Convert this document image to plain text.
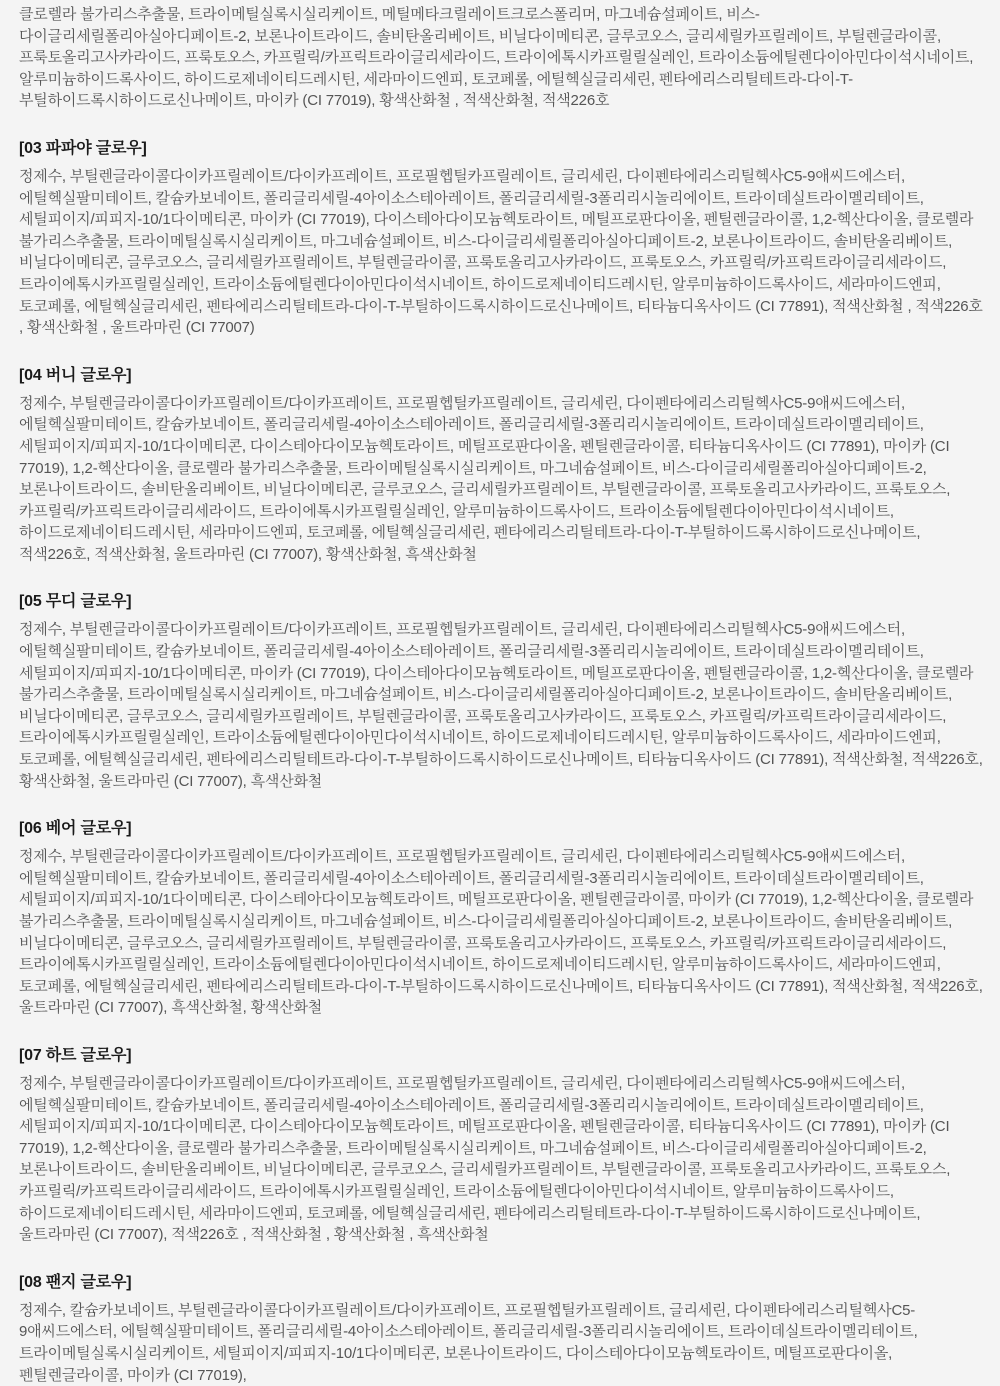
클로렐라 불가리스추출물, 트라이메틸실록시실리케이트, 메틸메타크릴레이트크로스폴리머, 마그네슘설페이트, 비스-다이글리세릴폴리아실아디페이트-2, 보론나이트라이드, 솔비탄올리베이트, 비닐다이메티콘, 글루코오스, 글리세릴카프릴레이트, 부틸렌글라이콜, 프룩토올리고사카라이드, 프룩토오스, 카프릴릭/카프릭트라이글리세라이드, 트라이에톡시카프릴릴실레인, 트라이소듐에틸렌다이아민다이석시네이트, 알루미늄하이드록사이드, 하이드로제네이티드레시틴, 세라마이드엔피, 토코페롤, 에틸헥실글리세린, 펜타에리스리틸테트라-다이-T-부틸하이드록시하이드로신나메이트, 마이카 (CI 77019), 황색산화철 , 적색산화철, 적색226호

[03 파파야 글로우]

정제수, 부틸렌글라이콜다이카프릴레이트/다이카프레이트, 프로필헵틸카프릴레이트, 글리세린, 다이펜타에리스리틸헥사C5-9애씨드에스터, 에틸헥실팔미테이트, 칼슘카보네이트, 폴리글리세릴-4아이소스테아레이트, 폴리글리세릴-3폴리리시놀리에이트, 트라이데실트라이멜리테이트, 세틸피이지/피피지-10/1다이메티콘, 마이카 (CI 77019), 다이스테아다이모늄헥토라이트, 메틸프로판다이올, 펜틸렌글라이콜, 1,2-헥산다이올, 클로렐라 불가리스추출물, 트라이메틸실록시실리케이트, 마그네슘설페이트, 비스-다이글리세릴폴리아실아디페이트-2, 보론나이트라이드, 솔비탄올리베이트, 비닐다이메티콘, 글루코오스, 글리세릴카프릴레이트, 부틸렌글라이콜, 프룩토올리고사카라이드, 프룩토오스, 카프릴릭/카프릭트라이글리세라이드, 트라이에톡시카프릴릴실레인, 트라이소듐에틸렌다이아민다이석시네이트, 하이드로제네이티드레시틴, 알루미늄하이드록사이드, 세라마이드엔피, 토코페롤, 에틸헥실글리세린, 펜타에리스리틸테트라-다이-T-부틸하이드록시하이드로신나메이트, 티타늄디옥사이드 (CI 77891), 적색산화철 , 적색226호 , 황색산화철 , 울트라마린 (CI 77007)

[04 버니 글로우]

정제수, 부틸렌글라이콜다이카프릴레이트/다이카프레이트, 프로필헵틸카프릴레이트, 글리세린, 다이펜타에리스리틸헥사C5-9애씨드에스터, 에틸헥실팔미테이트, 칼슘카보네이트, 폴리글리세릴-4아이소스테아레이트, 폴리글리세릴-3폴리리시놀리에이트, 트라이데실트라이멜리테이트, 세틸피이지/피피지-10/1다이메티콘, 다이스테아다이모늄헥토라이트, 메틸프로판다이올, 펜틸렌글라이콜, 티타늄디옥사이드 (CI 77891), 마이카 (CI 77019), 1,2-헥산다이올, 클로렐라 불가리스추출물, 트라이메틸실록시실리케이트, 마그네슘설페이트, 비스-다이글리세릴폴리아실아디페이트-2, 보론나이트라이드, 솔비탄올리베이트, 비닐다이메티콘, 글루코오스, 글리세릴카프릴레이트, 부틸렌글라이콜, 프룩토올리고사카라이드, 프룩토오스, 카프릴릭/카프릭트라이글리세라이드, 트라이에톡시카프릴릴실레인, 알루미늄하이드록사이드, 트라이소듐에틸렌다이아민다이석시네이트, 하이드로제네이티드레시틴, 세라마이드엔피, 토코페롤, 에틸헥실글리세린, 펜타에리스리틸테트라-다이-T-부틸하이드록시하이드로신나메이트, 적색226호, 적색산화철, 울트라마린 (CI 77007), 황색산화철, 흑색산화철

[05 무디 글로우]

정제수, 부틸렌글라이콜다이카프릴레이트/다이카프레이트, 프로필헵틸카프릴레이트, 글리세린, 다이펜타에리스리틸헥사C5-9애씨드에스터, 에틸헥실팔미테이트, 칼슘카보네이트, 폴리글리세릴-4아이소스테아레이트, 폴리글리세릴-3폴리리시놀리에이트, 트라이데실트라이멜리테이트, 세틸피이지/피피지-10/1다이메티콘, 마이카 (CI 77019), 다이스테아다이모늄헥토라이트, 메틸프로판다이올, 펜틸렌글라이콜, 1,2-헥산다이올, 클로렐라 불가리스추출물, 트라이메틸실록시실리케이트, 마그네슘설페이트, 비스-다이글리세릴폴리아실아디페이트-2, 보론나이트라이드, 솔비탄올리베이트, 비닐다이메티콘, 글루코오스, 글리세릴카프릴레이트, 부틸렌글라이콜, 프룩토올리고사카라이드, 프룩토오스, 카프릴릭/카프릭트라이글리세라이드, 트라이에톡시카프릴릴실레인, 트라이소듐에틸렌다이아민다이석시네이트, 하이드로제네이티드레시틴, 알루미늄하이드록사이드, 세라마이드엔피, 토코페롤, 에틸헥실글리세린, 펜타에리스리틸테트라-다이-T-부틸하이드록시하이드로신나메이트, 티타늄디옥사이드 (CI 77891), 적색산화철, 적색226호, 황색산화철, 울트라마린 (CI 77007), 흑색산화철

[06 베어 글로우]

정제수, 부틸렌글라이콜다이카프릴레이트/다이카프레이트, 프로필헵틸카프릴레이트, 글리세린, 다이펜타에리스리틸헥사C5-9애씨드에스터, 에틸헥실팔미테이트, 칼슘카보네이트, 폴리글리세릴-4아이소스테아레이트, 폴리글리세릴-3폴리리시놀리에이트, 트라이데실트라이멜리테이트, 세틸피이지/피피지-10/1다이메티콘, 다이스테아다이모늄헥토라이트, 메틸프로판다이올, 펜틸렌글라이콜, 마이카 (CI 77019), 1,2-헥산다이올, 클로렐라 불가리스추출물, 트라이메틸실록시실리케이트, 마그네슘설페이트, 비스-다이글리세릴폴리아실아디페이트-2, 보론나이트라이드, 솔비탄올리베이트, 비닐다이메티콘, 글루코오스, 글리세릴카프릴레이트, 부틸렌글라이콜, 프룩토올리고사카라이드, 프룩토오스, 카프릴릭/카프릭트라이글리세라이드, 트라이에톡시카프릴릴실레인, 트라이소듐에틸렌다이아민다이석시네이트, 하이드로제네이티드레시틴, 알루미늄하이드록사이드, 세라마이드엔피, 토코페롤, 에틸헥실글리세린, 펜타에리스리틸테트라-다이-T-부틸하이드록시하이드로신나메이트, 티타늄디옥사이드 (CI 77891), 적색산화철, 적색226호, 울트라마린 (CI 77007), 흑색산화철, 황색산화철

[07 하트 글로우]

정제수, 부틸렌글라이콜다이카프릴레이트/다이카프레이트, 프로필헵틸카프릴레이트, 글리세린, 다이펜타에리스리틸헥사C5-9애씨드에스터, 에틸헥실팔미테이트, 칼슘카보네이트, 폴리글리세릴-4아이소스테아레이트, 폴리글리세릴-3폴리리시놀리에이트, 트라이데실트라이멜리테이트, 세틸피이지/피피지-10/1다이메티콘, 다이스테아다이모늄헥토라이트, 메틸프로판다이올, 펜틸렌글라이콜, 티타늄디옥사이드 (CI 77891), 마이카 (CI 77019), 1,2-헥산다이올, 클로렐라 불가리스추출물, 트라이메틸실록시실리케이트, 마그네슘설페이트, 비스-다이글리세릴폴리아실아디페이트-2, 보론나이트라이드, 솔비탄올리베이트, 비닐다이메티콘, 글루코오스, 글리세릴카프릴레이트, 부틸렌글라이콜, 프룩토올리고사카라이드, 프룩토오스, 카프릴릭/카프릭트라이글리세라이드, 트라이에톡시카프릴릴실레인, 트라이소듐에틸렌다이아민다이석시네이트, 알루미늄하이드록사이드, 하이드로제네이티드레시틴, 세라마이드엔피, 토코페롤, 에틸헥실글리세린, 펜타에리스리틸테트라-다이-T-부틸하이드록시하이드로신나메이트, 울트라마린 (CI 77007), 적색226호 , 적색산화철 , 황색산화철 , 흑색산화철

[08 팬지 글로우]

정제수, 칼슘카보네이트, 부틸렌글라이콜다이카프릴레이트/다이카프레이트, 프로필헵틸카프릴레이트, 글리세린, 다이펜타에리스리틸헥사C5-9애씨드에스터, 에틸헥실팔미테이트, 폴리글리세릴-4아이소스테아레이트, 폴리글리세릴-3폴리리시놀리에이트, 트라이데실트라이멜리테이트, 트라이메틸실록시실리케이트, 세틸피이지/피피지-10/1다이메티콘, 보론나이트라이드, 다이스테아다이모늄헥토라이트, 메틸프로판다이올, 펜틸렌글라이콜, 마이카 (CI 77019),
